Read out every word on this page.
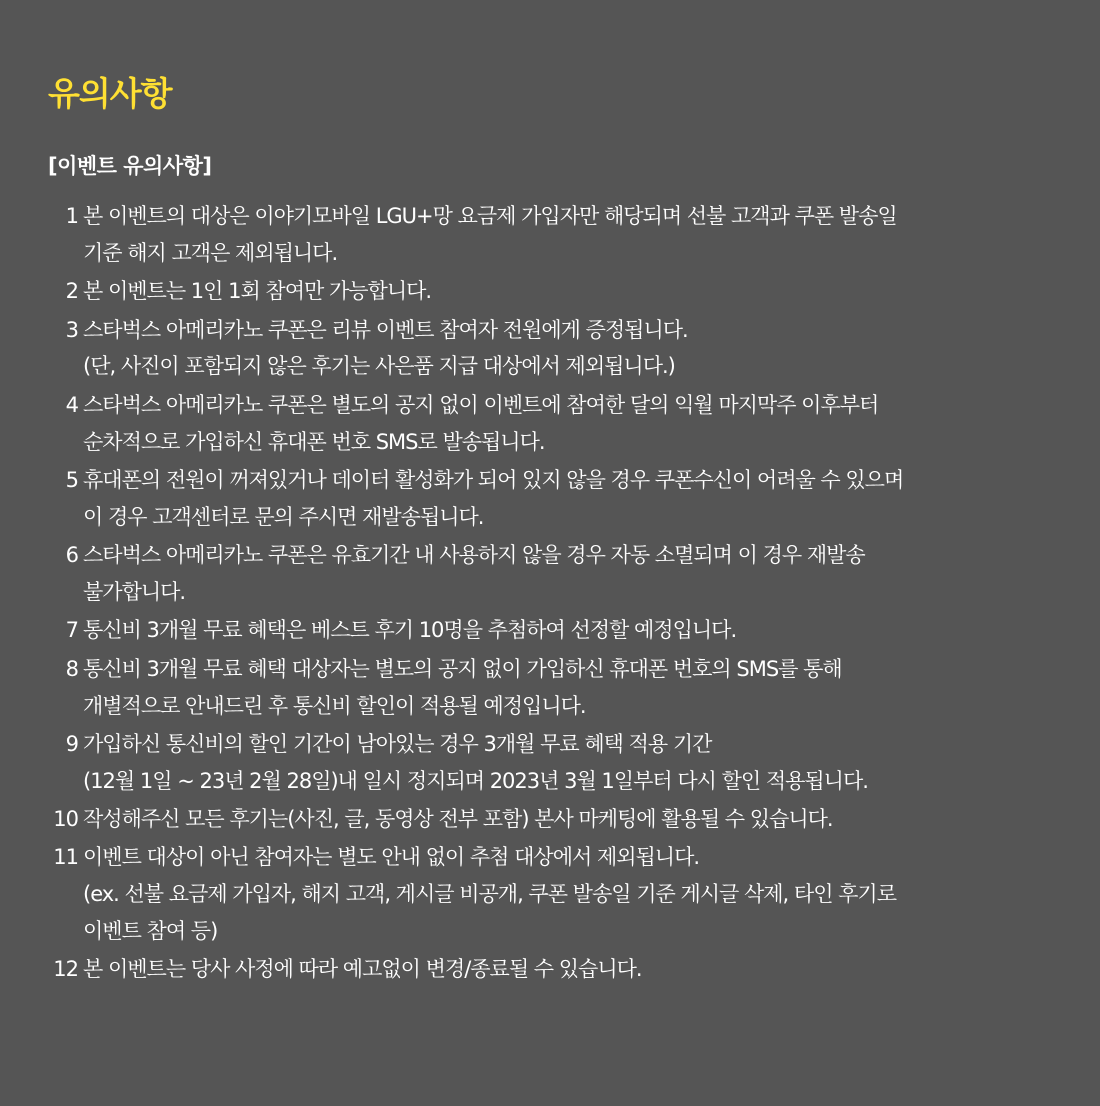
유의사항
[이벤트 유의사항]
1 본 이벤트의 대상은 이야기모바일 LGU+망 요금제 가입자만 해당되며 선불 고객과 쿠폰 발송일
기준 해지 고객은 제외됩니다.
2 본 이벤트는 1인 1회 참여만 가능합니다.
3 스타벅스 아메리카노 쿠폰은 리뷰 이벤트 참여자 전원에게 증정됩니다.
(단, 사진이 포함되지 않은 후기는 사은품 지급 대상에서 제외됩니다.)
4 스타벅스 아메리카노 쿠폰은 별도의 공지 없이 이벤트에 참여한 달의 익월 마지막주 이후부터
순차적으로 가입하신 휴대폰 번호 SMS로 발송됩니다.
5 휴대폰의 전원이 꺼져있거나 데이터 활성화가 되어 있지 않을 경우 쿠폰수신이 어려울 수 있으며
이 경우 고객센터로 문의 주시면 재발송됩니다.
6 스타벅스 아메리카노 쿠폰은 유효기간 내 사용하지 않을 경우 자동 소멸되며 이 경우 재발송
불가합니다.
7 통신비 3개월 무료 혜택은 베스트 후기 10명을 추첨하여 선정할 예정입니다.
8 통신비 3개월 무료 혜택 대상자는 별도의 공지 없이 가입하신 휴대폰 번호의 SMS를 통해
개별적으로 안내드린 후 통신비 할인이 적용될 예정입니다.
9 가입하신 통신비의 할인 기간이 남아있는 경우 3개월 무료 혜택 적용 기간
(12월 1일 ~ 23년 2월 28일)내 일시 정지되며 2023년 3월 1일부터 다시 할인 적용됩니다.
10 작성해주신 모든 후기는(사진, 글, 동영상 전부 포함) 본사 마케팅에 활용될 수 있습니다.
11 이벤트 대상이 아닌 참여자는 별도 안내 없이 추첨 대상에서 제외됩니다.
(ex. 선불 요금제 가입자, 해지 고객, 게시글 비공개, 쿠폰 발송일 기준 게시글 삭제, 타인 후기로
이벤트 참여 등)
12 본 이벤트는 당사 사정에 따라 예고없이 변경/종료될 수 있습니다.
